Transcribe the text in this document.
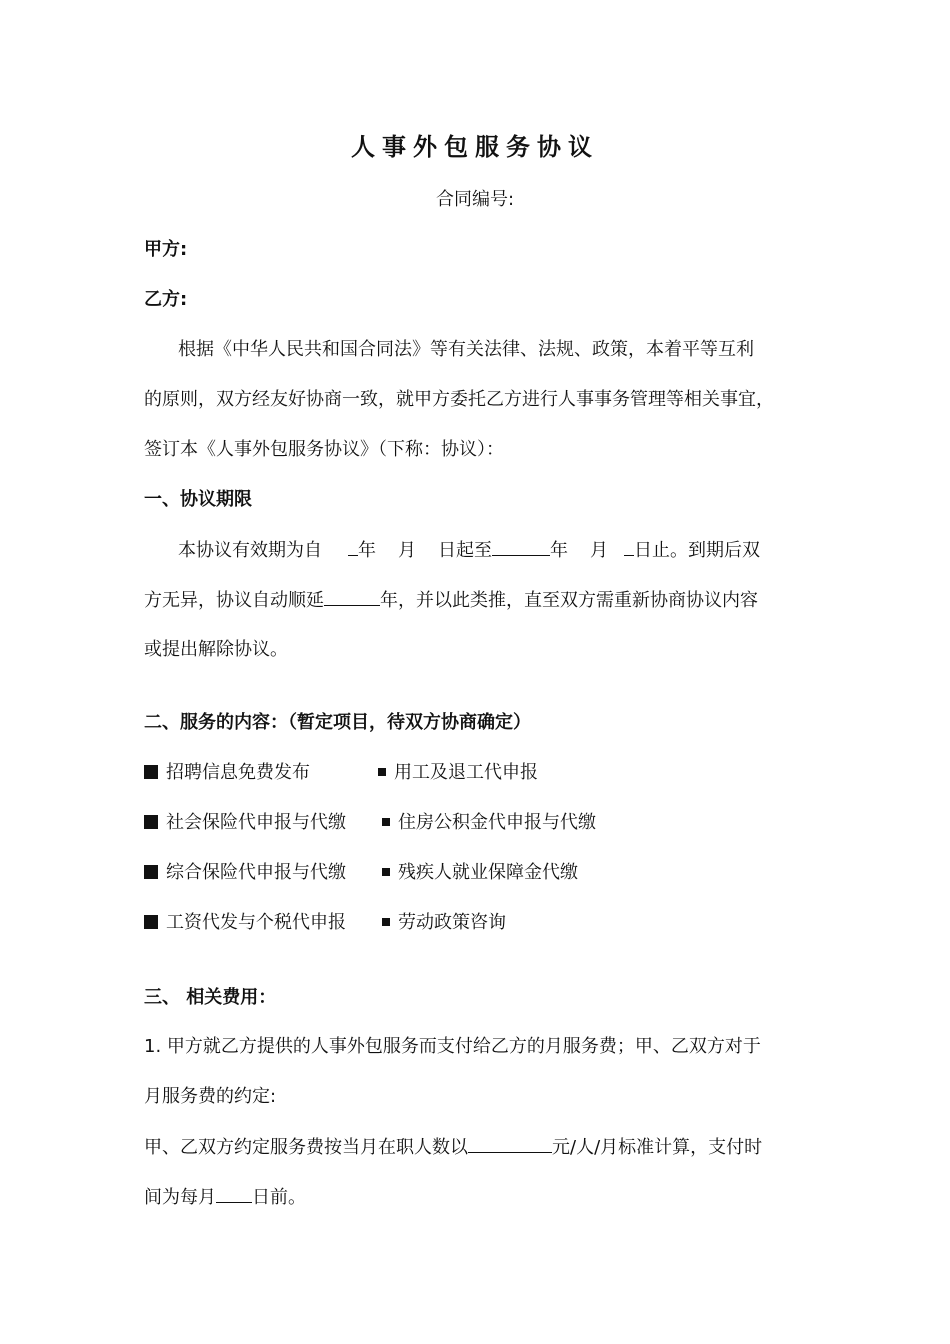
人事外包服务协议
合同编号:
甲方:
乙方:
根据《中华人民共和国合同法》等有关法律、法规、政策，本着平等互利
的原则，双方经友好协商一致，就甲方委托乙方进行人事事务管理等相关事宜，
签订本《人事外包服务协议》（下称：协议）：
一、协议期限
本协议有效期为自 年 月 日起至	年 月 日止。到期后双
方无异，协议自动顺延	年，并以此类推，直至双方需重新协商协议内容
或提出解除协议。
二、服务的内容：（暂定项目，待双方协商确定）
招聘信息免费发布	用工及退工代申报
社会保险代申报与代缴	住房公积金代申报与代缴
综合保险代申报与代缴	残疾人就业保障金代缴
工资代发与个税代申报	劳动政策咨询
三、 相关费用：
1. 甲方就乙方提供的人事外包服务而支付给乙方的月服务费；甲、乙双方对于
月服务费的约定:
甲、乙双方约定服务费按当月在职人数以	元/人/月标准计算，支付时
间为每月 日前。
